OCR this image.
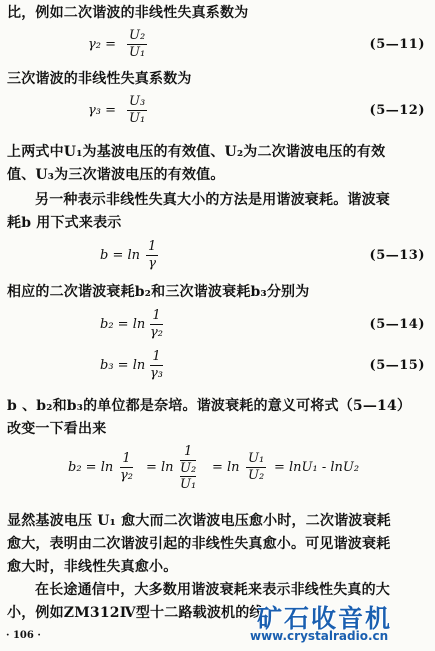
比，例如二次谐波的非线性失真系数为
$\gamma_2 = \frac{\text{U₂}}{\text{U₁}}$	(5—11)
三次谐波的非线性失真系数为
$\gamma_3 = \frac{\text{U₃}}{\text{U₁}}$	(5—12)
上两式中U₁为基波电压的有效值、U₂为二次谐波电压的有效
值、U₃为三次谐波电压的有效值。
另一种表示非线性失真大小的方法是用谐波衰耗。谐波衰
耗b 用下式来表示
$b = \ln \frac{1}{\gamma}$	(5—13)
相应的二次谐波衰耗b₂和三次谐波衰耗b₃分别为
$b_2 = \ln \frac{1}{\text{γ₂}}$	(5—14)
$b_3 = \ln \frac{1}{\text{γ₃}}$	(5—15)
b 、b₂和b₃的单位都是奈培。谐波衰耗的意义可将式（5—14）
改变一下看出来
$b_2 = \ln \frac{1}{\text{γ₂}} = \ln 1$
U₂
$U_1 = \ln \frac{\text{U₁}}{\text{U₂}} = \ln U_1 - \ln U_2$
显然基波电压 U₁ 愈大而二次谐波电压愈小时，二次谐波衰耗
愈大，表明由二次谐波引起的非线性失真愈小。可见谐波衰耗
愈大时，非线性失真愈小。
在长途通信中，大多数用谐波衰耗来表示非线性失真的大
小，例如ZM312Ⅳ型十二路载波机的线
· 106 ·
矿石收音机
www.crystalradio.cn
